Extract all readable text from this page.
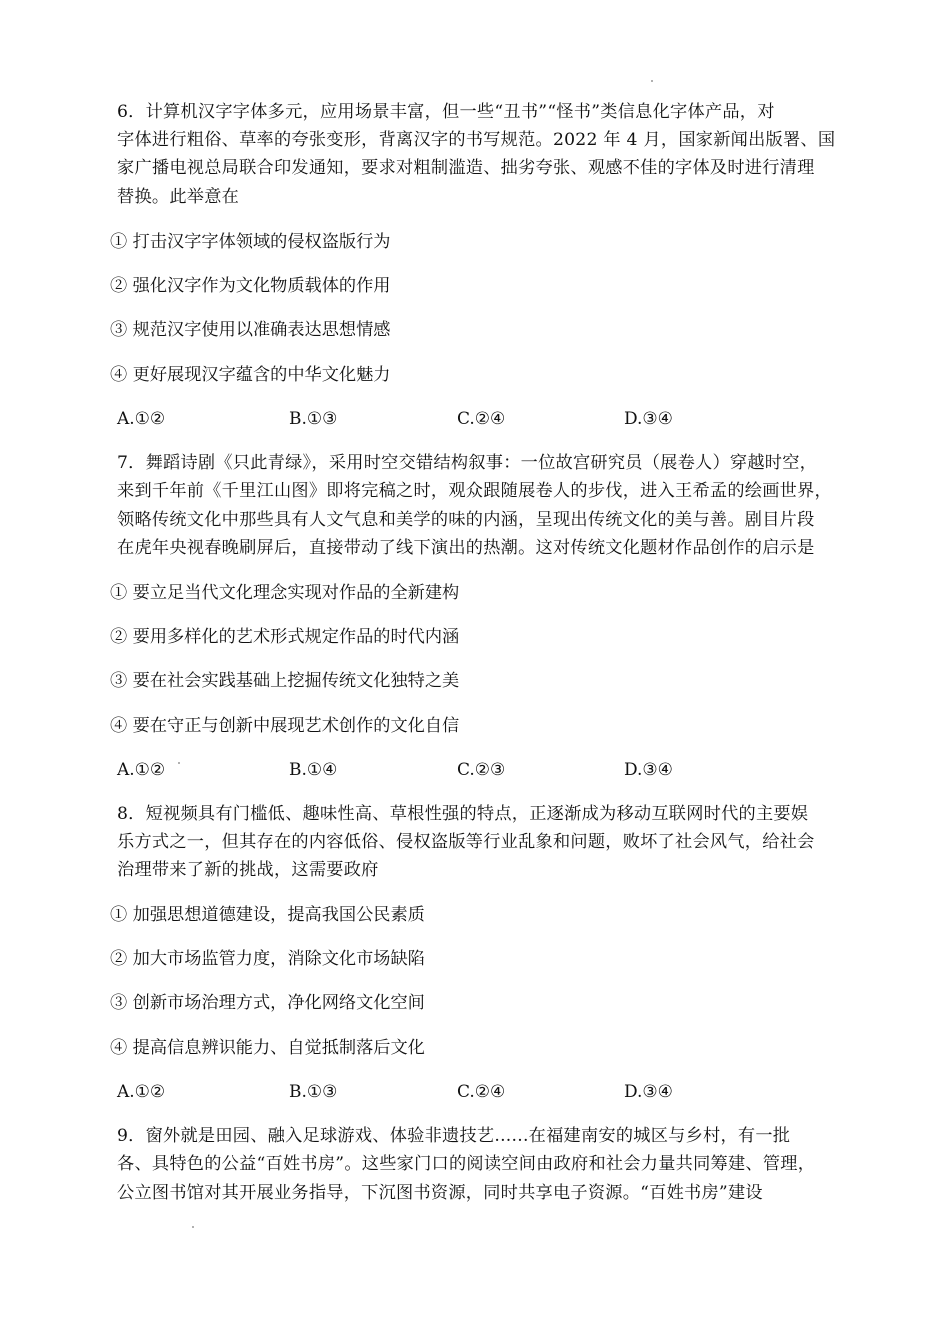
6．计算机汉字字体多元，应用场景丰富，但一些“丑书”“怪书”类信息化字体产品，对
字体进行粗俗、草率的夸张变形，背离汉字的书写规范。2022 年 4 月，国家新闻出版署、国
家广播电视总局联合印发通知，要求对粗制滥造、拙劣夸张、观感不佳的字体及时进行清理
替换。此举意在
① 打击汉字字体领域的侵权盗版行为
② 强化汉字作为文化物质载体的作用
③ 规范汉字使用以准确表达思想情感
④ 更好展现汉字蕴含的中华文化魅力
A.①②	B.①③	C.②④	D.③④
7．舞蹈诗剧《只此青绿》，采用时空交错结构叙事：一位故宫研究员（展卷人）穿越时空，
来到千年前《千里江山图》即将完稿之时，观众跟随展卷人的步伐，进入王希孟的绘画世界，
领略传统文化中那些具有人文气息和美学的味的内涵，呈现出传统文化的美与善。剧目片段
在虎年央视春晚刷屏后，直接带动了线下演出的热潮。这对传统文化题材作品创作的启示是
① 要立足当代文化理念实现对作品的全新建构
② 要用多样化的艺术形式规定作品的时代内涵
③ 要在社会实践基础上挖掘传统文化独特之美
④ 要在守正与创新中展现艺术创作的文化自信
A.①②	B.①④	C.②③	D.③④
8．短视频具有门槛低、趣味性高、草根性强的特点，正逐渐成为移动互联网时代的主要娱
乐方式之一，但其存在的内容低俗、侵权盗版等行业乱象和问题，败坏了社会风气，给社会
治理带来了新的挑战，这需要政府
① 加强思想道德建设，提高我国公民素质
② 加大市场监管力度，消除文化市场缺陷
③ 创新市场治理方式，净化网络文化空间
④ 提高信息辨识能力、自觉抵制落后文化
A.①②	B.①③	C.②④	D.③④
9．窗外就是田园、融入足球游戏、体验非遗技艺......在福建南安的城区与乡村，有一批
各、具特色的公益“百姓书房”。这些家门口的阅读空间由政府和社会力量共同筹建、管理，
公立图书馆对其开展业务指导，下沉图书资源，同时共享电子资源。“百姓书房”建设
